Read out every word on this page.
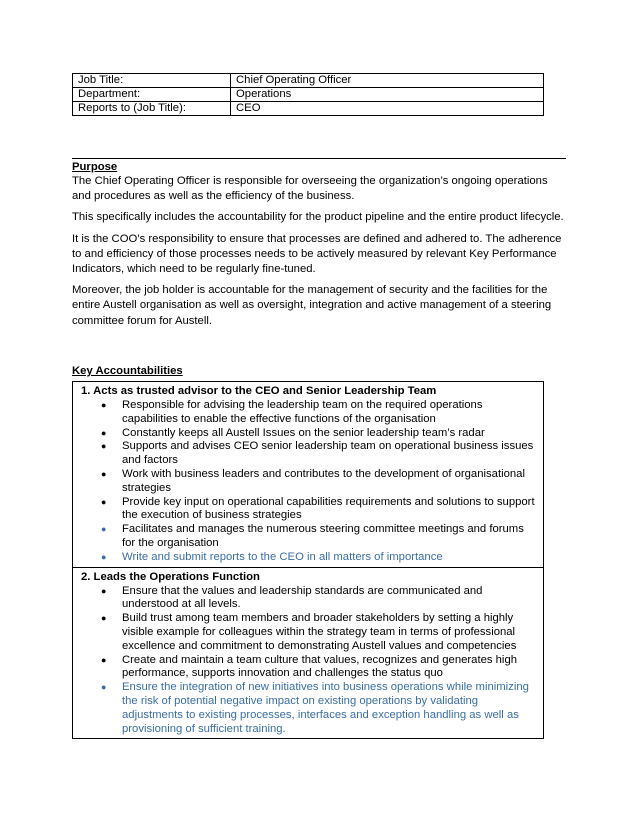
Job Title:	Chief Operating Officer
Department:	Operations
Reports to (Job Title):	CEO
Purpose

The Chief Operating Officer is responsible for overseeing the organization’s ongoing operations and procedures as well as the efficiency of the business.

This specifically includes the accountability for the product pipeline and the entire product lifecycle.

It is the COO’s responsibility to ensure that processes are defined and adhered to. The adherence to and efficiency of those processes needs to be actively measured by relevant Key Performance Indicators, which need to be regularly fine-tuned.

Moreover, the job holder is accountable for the management of security and the facilities for the entire Austell organisation as well as oversight, integration and active management of a steering committee forum for Austell.

Key Accountabilities
1. Acts as trusted advisor to the CEO and Senior Leadership Team
● Responsible for advising the leadership team on the required operations capabilities to enable the effective functions of the organisation
● Constantly keeps all Austell Issues on the senior leadership team’s radar
● Supports and advises CEO senior leadership team on operational business issues and factors
● Work with business leaders and contributes to the development of organisational strategies
● Provide key input on operational capabilities requirements and solutions to support the execution of business strategies
● Facilitates and manages the numerous steering committee meetings and forums for the organisation
● Write and submit reports to the CEO in all matters of importance

2. Leads the Operations Function
● Ensure that the values and leadership standards are communicated and understood at all levels.
● Build trust among team members and broader stakeholders by setting a highly visible example for colleagues within the strategy team in terms of professional excellence and commitment to demonstrating Austell values and competencies
● Create and maintain a team culture that values, recognizes and generates high performance, supports innovation and challenges the status quo
● Ensure the integration of new initiatives into business operations while minimizing the risk of potential negative impact on existing operations by validating adjustments to existing processes, interfaces and exception handling as well as provisioning of sufficient training.
